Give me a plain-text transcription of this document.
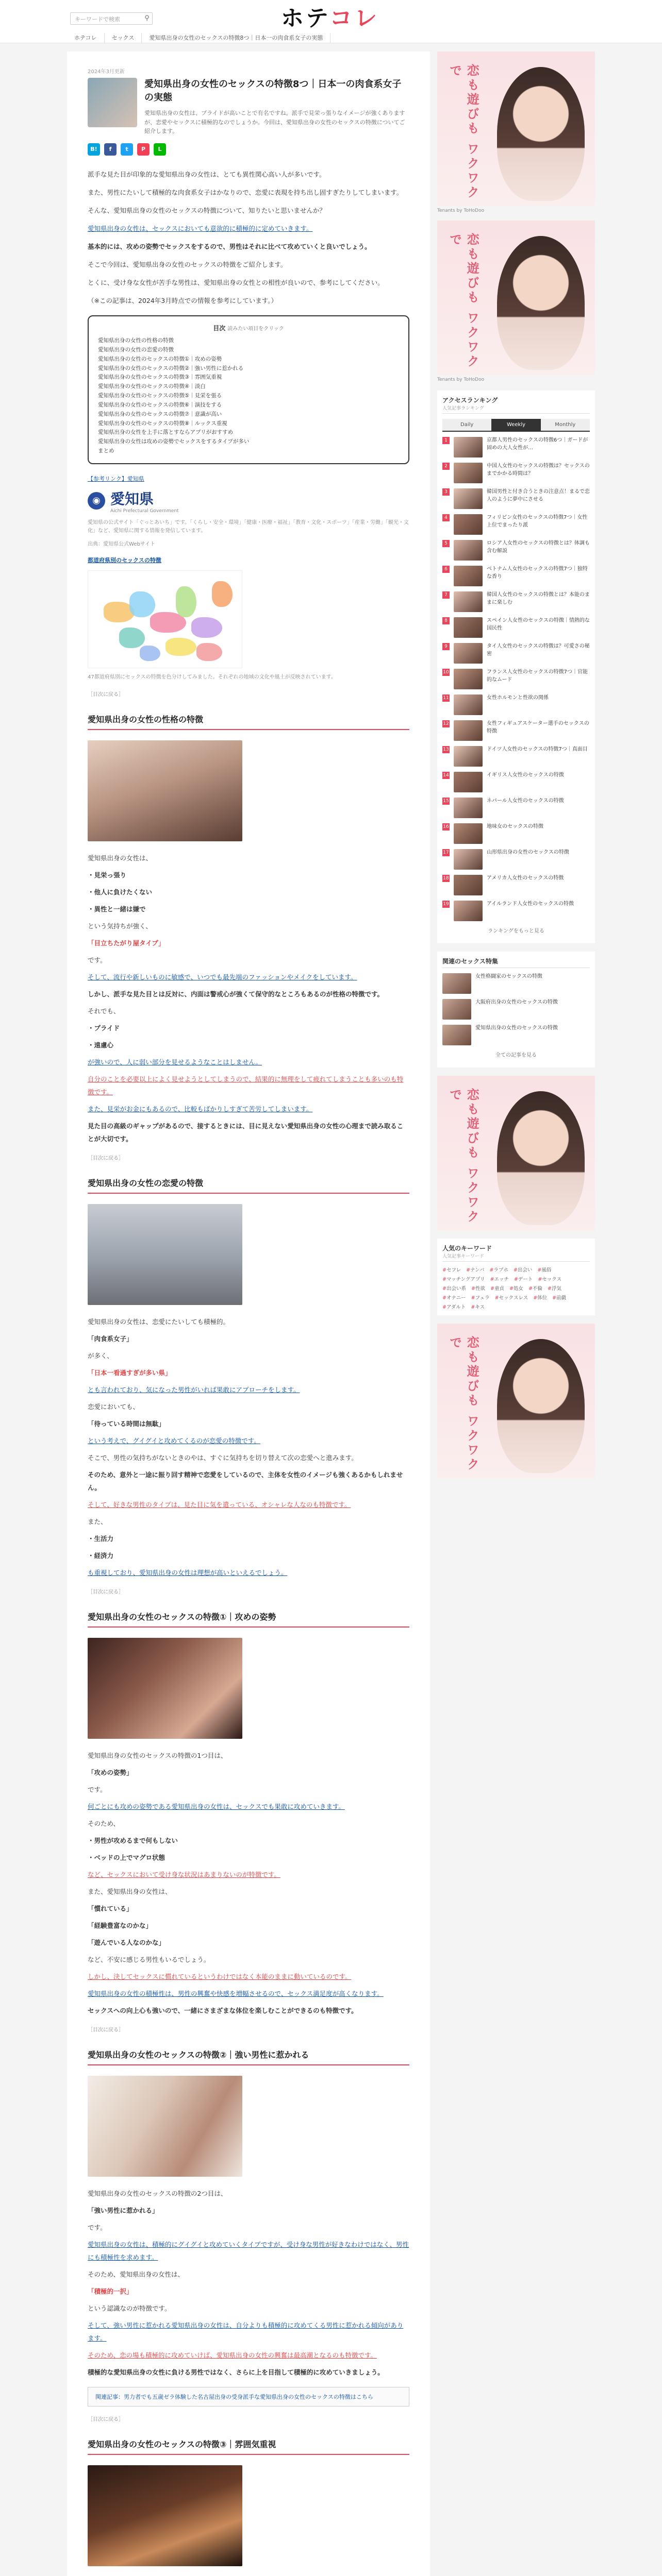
キーワードで検索	⚲	ホテコレ
ホテコレ	セックス	愛知県出身の女性のセックスの特徴8つ｜日本一の肉食系女子の実態
2024年3月更新
愛知県出身の女性のセックスの特徴8つ｜日本一の肉食系女子の実態

愛知県出身の女性は、プライドが高いことで有名ですね。派手で見栄っ張りなイメージが強くありますが、恋愛やセックスに積極的なのでしょうか。今回は、愛知県出身の女性のセックスの特徴についてご紹介します。

B!	f	t	P	L

派手な見た目が印象的な愛知県出身の女性は、とても異性関心高い人が多いです。

また、男性にたいして積極的な肉食系女子はかなりので、恋愛に表現を持ち出し固すぎたりしてしまいます。

そんな、愛知県出身の女性のセックスの特徴について、知りたいと思いませんか？

愛知県出身の女性は、セックスにおいても意欲的に積極的に定めていきます。

基本的には、攻めの姿勢でセックスをするので、男性はそれに比べて攻めていくと良いでしょう。

そこで今回は、愛知県出身の女性のセックスの特徴をご紹介します。

とくに、受け身な女性が苦手な男性は、愛知県出身の女性との相性が良いので、参考にしてください。

（※この記事は、2024年3月時点での情報を参考にしています。）

目次 読みたい項目をクリック
愛知県出身の女性の性格の特徴
愛知県出身の女性の恋愛の特徴
愛知県出身の女性のセックスの特徴①｜攻めの姿勢
愛知県出身の女性のセックスの特徴②｜強い男性に惹かれる
愛知県出身の女性のセックスの特徴③｜雰囲気重視
愛知県出身の女性のセックスの特徴④｜淡白
愛知県出身の女性のセックスの特徴⑤｜見栄を張る
愛知県出身の女性のセックスの特徴⑥｜演技をする
愛知県出身の女性のセックスの特徴⑦｜意識が高い
愛知県出身の女性のセックスの特徴⑧｜ルックス重視
愛知県出身の女性を上手に落とすならアプリがおすすめ
愛知県出身の女性は攻めの姿勢でセックスをするタイプが多い
まとめ
【参考リンク】愛知県
◉ 愛知県
Aichi Prefectural Government

愛知県の公式サイト「ぐっとあいち」です。「くらし・安全・環境」「健康・医療・福祉」「教育・文化・スポーツ」「産業・労働」「観光・文化」など、愛知県に関する情報を発信しています。

出典：愛知県公式Webサイト

都道府県別のセックスの特徴

47都道府県別にセックスの特徴を色分けしてみました。それぞれの地域の文化や風土が反映されています。

［目次に戻る］
愛知県出身の女性の性格の特徴

愛知県出身の女性は、

・見栄っ張り

・他人に負けたくない

・異性と一緒は嫌で

という気持ちが強く、

「目立ちたがり屋タイプ」

です。

そして、流行や新しいものに敏感で、いつでも最先端のファッションやメイクをしています。

しかし、派手な見た目とは反対に、内面は警戒心が強くて保守的なところもあるのが性格の特徴です。

それでも、

・プライド

・遠慮心

が強いので、人に弱い部分を見せるようなことはしません。

自分のことを必要以上によく見せようとしてしまうので、結果的に無理をして疲れてしまうことも多いのも特徴です。

また、見栄がお金にもあるので、比較もばかりしすぎて苦労してしまいます。

見た目の高級のギャップがあるので、接するときには、目に見えない愛知県出身の女性の心理まで読み取ることが大切です。

［目次に戻る］
愛知県出身の女性の恋愛の特徴

愛知県出身の女性は、恋愛にたいしても積極的。

「肉食系女子」

が多く、

「日本一看過すぎが多い県」

とも言われており、気になった男性がいれば果敢にアプローチをします。

恋愛においても、

「待っている時間は無駄」

という考えで、グイグイと攻めてくるのが恋愛の特徴です。

そこで、男性の気持ちがないときのやは、すぐに気持ちを切り替えて次の恋愛へと進みます。

そのため、意外と一途に振り回す精神で恋愛をしているので、主体を女性のイメージも強くあるかもしれません。

そして、好きな男性のタイプは、見た目に気を遣っている、オシャレな人なのも特徴です。

また、

・生活力

・経済力

も重視しており、愛知県出身の女性は理想が高いといえるでしょう。

［目次に戻る］
愛知県出身の女性のセックスの特徴①｜攻めの姿勢

愛知県出身の女性のセックスの特徴の1つ目は、

「攻めの姿勢」

です。

何ごとにも攻めの姿勢である愛知県出身の女性は、セックスでも果敢に攻めていきます。

そのため、

・男性が攻めるまで何もしない

・ベッドの上でマグロ状態

など、セックスにおいて受け身な状況はあまりないのが特徴です。

また、愛知県出身の女性は、

「慣れている」

「経験豊富なのかな」

「遊んでいる人なのかな」

など、不安に感じる男性もいるでしょう。

しかし、決してセックスに慣れているというわけではなく本能のままに動いているのです。

愛知県出身の女性の積極性は、男性の興奮や快感を増幅させるので、セックス満足度が高くなります。

セックスへの向上心も強いので、一緒にさまざまな体位を楽しむことができるのも特徴です。

［目次に戻る］
愛知県出身の女性のセックスの特徴②｜強い男性に惹かれる

愛知県出身の女性のセックスの特徴の2つ目は、

「強い男性に惹かれる」

です。

愛知県出身の女性は、積極的にグイグイと攻めていくタイプですが、受け身な男性が好きなわけではなく、男性にも積極性を求めます。

そのため、愛知県出身の女性は、

「積極的一択」

という認識なのが特徴です。

そして、強い男性に惹かれる愛知県出身の女性は、自分よりも積極的に攻めてくる男性に惹かれる傾向があります。

そのため、恋の場も積極的に攻めていけば、愛知県出身の女性の興奮は最高潮となるのも特徴です。

積極的な愛知県出身の女性に負ける男性ではなく、さらに上を目指して積極的に攻めていきましょう。

関連記事：男力者でも五歳ゼラ体験した名古屋出身の受身派手な愛知県出身の女性のセックスの特徴はこちら
［目次に戻る］
愛知県出身の女性のセックスの特徴③｜雰囲気重視

恋も遊びも ワクワクで
Tenants by ToHoDoo
恋も遊びも ワクワクで
Tenants by ToHoDoo
アクセスランキング
人気記事ランキング
Daily	Weekly	Monthly
1	京都人男性のセックスの特徴6つ｜ガードが固めの大人女性が…
2	中国人女性のセックスの特徴は？セックスのまでかかる時間は？
3	韓国男性と付き合うときの注意点！まるで恋人のように夢中にさせる
4	フィリピン女性のセックスの特徴7つ｜女性上位でまったり派
5	ロシア人女性のセックスの特徴とは？体調も含む解説
6	ベトナム人女性のセックスの特徴7つ｜独特な香り
7	韓国人女性のセックスの特徴とは？本能のままに楽しむ
8	スペイン人女性のセックスの特徴｜情熱的な国民性
9	タイ人女性のセックスの特徴は？可愛さの秘密
10	フランス人女性のセックスの特徴7つ｜官能的なムード
11	女性ホルモンと性欲の関係
12	女性フィギュアスケーター選手のセックスの特徴
13	ドイツ人女性のセックスの特徴7つ｜真面目
14	イギリス人女性のセックスの特徴
15	ネパール人女性のセックスの特徴
16	地味女のセックスの特徴
17	山形県出身の女性のセックスの特徴
18	アメリカ人女性のセックスの特徴
19	アイルランド人女性のセックスの特徴
ランキングをもっと見る
関連のセックス特集
女性格闘家のセックスの特徴
大阪府出身の女性のセックスの特徴
愛知県出身の女性のセックスの特徴
全ての記事を見る
恋も遊びも ワクワクで
人気のキーワード
人気記事キーワード
# セフレ	# ナンパ	# ラブホ	# 出会い	# 風俗
# マッチングアプリ	# エッチ	# デート	# セックス
# 出会い系	# 性欲	# 童貞	# 処女	# 不倫	# 浮気
# オナニー	# フェラ	# セックスレス	# 体位	# 前戯
# アダルト	# キス
恋も遊びも ワクワクで
